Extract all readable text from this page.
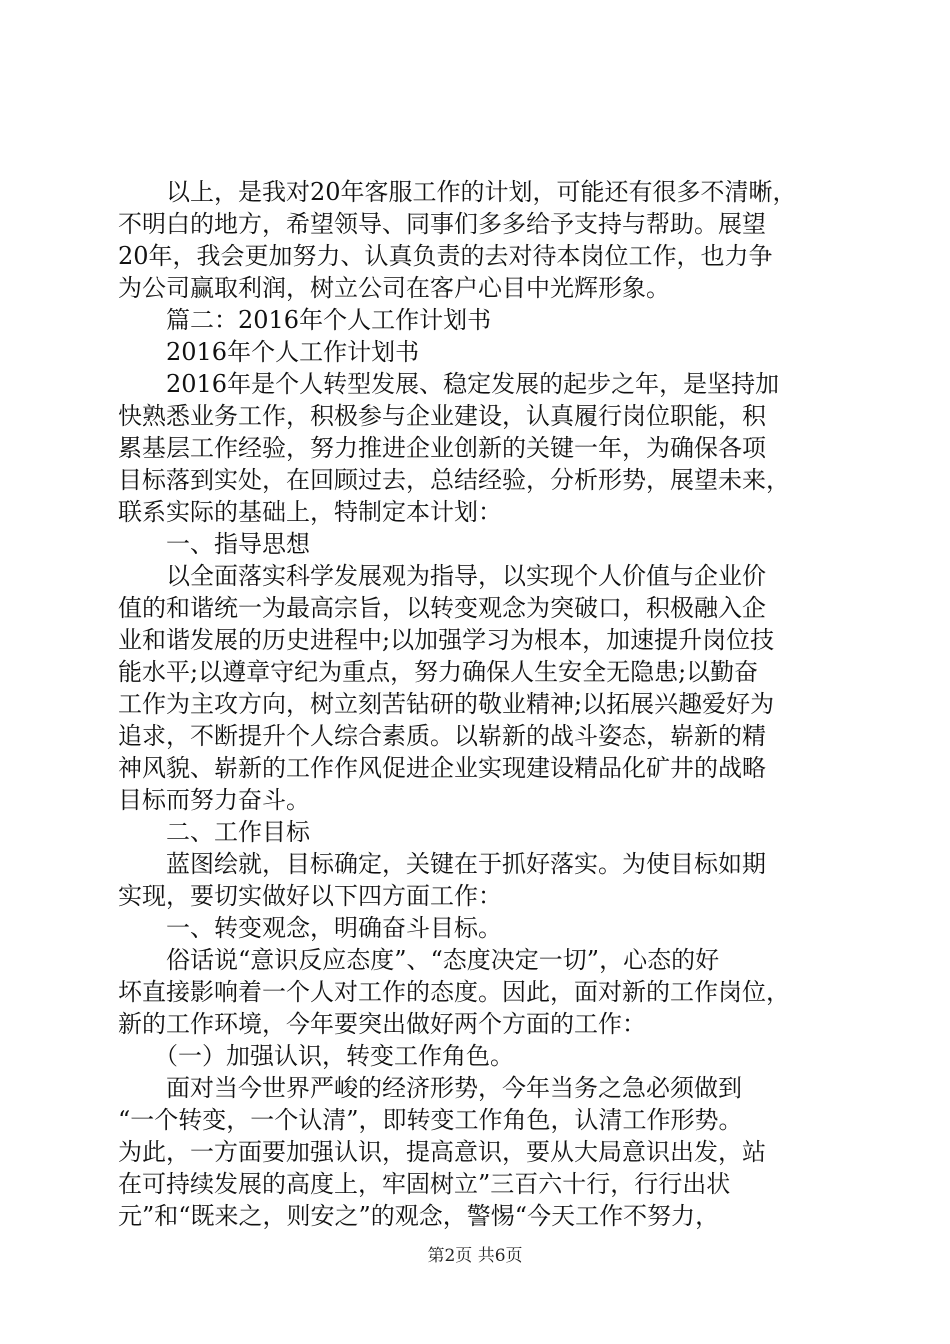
　　以上，是我对20年客服工作的计划，可能还有很多不清晰，
不明白的地方，希望领导、同事们多多给予支持与帮助。展望
20年，我会更加努力、认真负责的去对待本岗位工作，也力争
为公司赢取利润，树立公司在客户心目中光辉形象。
　　篇二：2016年个人工作计划书
　　2016年个人工作计划书
　　2016年是个人转型发展、稳定发展的起步之年，是坚持加
快熟悉业务工作，积极参与企业建设，认真履行岗位职能，积
累基层工作经验，努力推进企业创新的关键一年，为确保各项
目标落到实处，在回顾过去，总结经验，分析形势，展望未来，
联系实际的基础上，特制定本计划：
　　一、指导思想
　　以全面落实科学发展观为指导，以实现个人价值与企业价
值的和谐统一为最高宗旨，以转变观念为突破口，积极融入企
业和谐发展的历史进程中;以加强学习为根本，加速提升岗位技
能水平;以遵章守纪为重点，努力确保人生安全无隐患;以勤奋
工作为主攻方向，树立刻苦钻研的敬业精神;以拓展兴趣爱好为
追求，不断提升个人综合素质。以崭新的战斗姿态，崭新的精
神风貌、崭新的工作作风促进企业实现建设精品化矿井的战略
目标而努力奋斗。
　　二、工作目标
　　蓝图绘就，目标确定，关键在于抓好落实。为使目标如期
实现，要切实做好以下四方面工作：
　　一、转变观念，明确奋斗目标。
　　俗话说“意识反应态度”、“态度决定一切”，心态的好
坏直接影响着一个人对工作的态度。因此，面对新的工作岗位，
新的工作环境，今年要突出做好两个方面的工作：
　　（一）加强认识，转变工作角色。
　　面对当今世界严峻的经济形势，今年当务之急必须做到
“一个转变，一个认清”，即转变工作角色，认清工作形势。
为此，一方面要加强认识，提高意识，要从大局意识出发，站
在可持续发展的高度上，牢固树立”三百六十行，行行出状
元”和“既来之，则安之”的观念，警惕“今天工作不努力，
第2页 共6页
